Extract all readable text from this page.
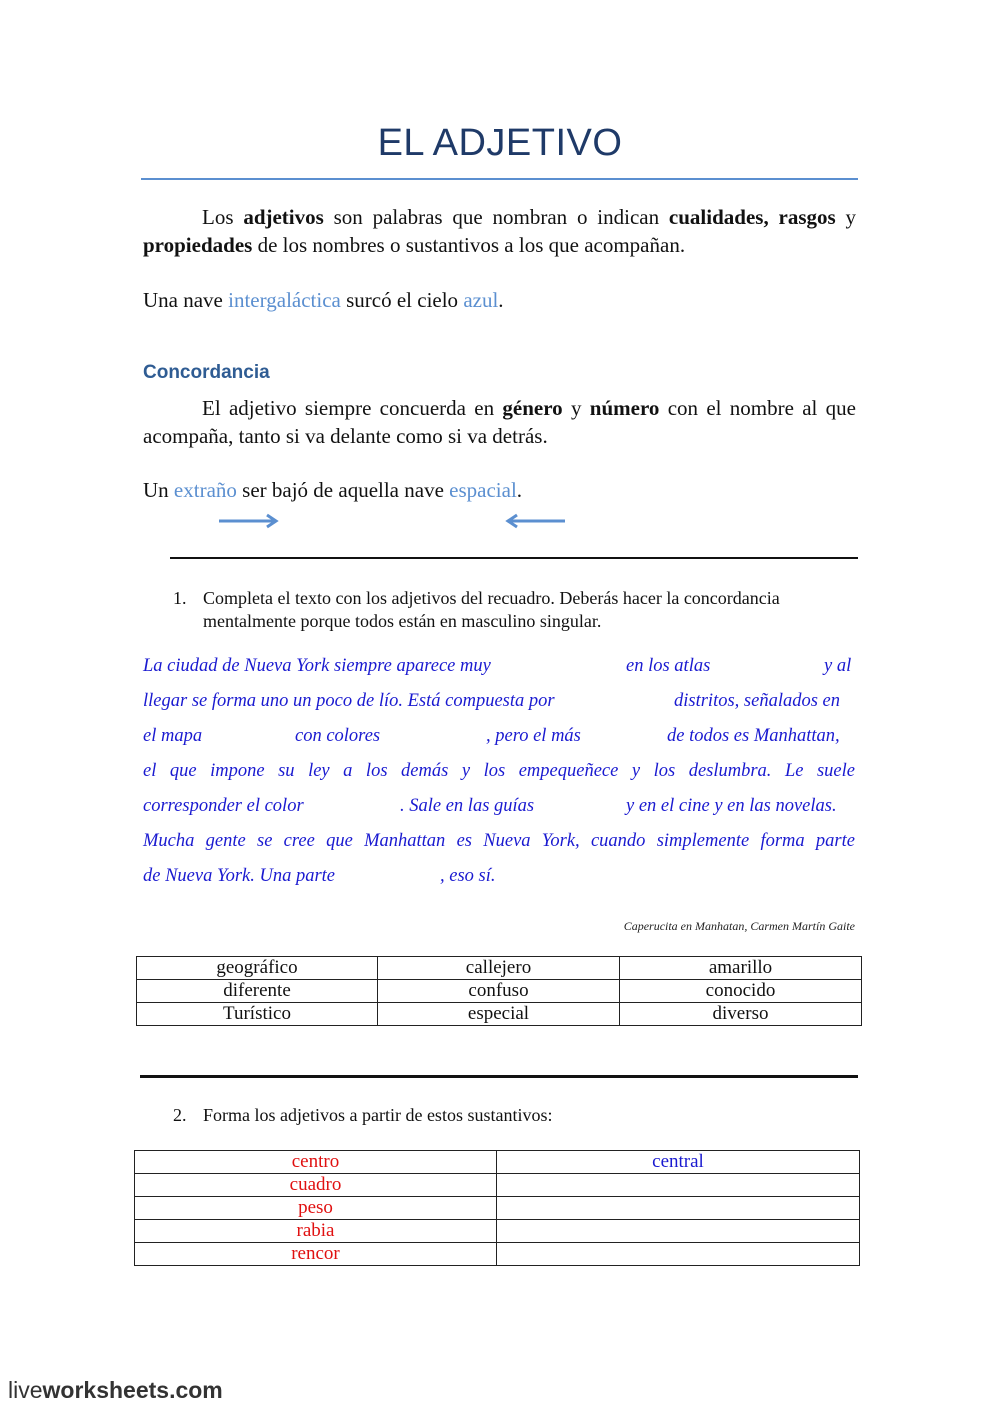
EL ADJETIVO
Los adjetivos son palabras que nombran o indican cualidades, rasgos y propiedades de los nombres o sustantivos a los que acompañan.
Una nave intergaláctica surcó el cielo azul.
Concordancia
El adjetivo siempre concuerda en género y número con el nombre al que acompaña, tanto si va delante como si va detrás.
Un extraño ser bajó de aquella nave espacial.
1. Completa el texto con los adjetivos del recuadro. Deberás hacer la concordancia
mentalmente porque todos están en masculino singular.
La ciudad de Nueva York siempre aparece muy	en los atlas	y al
llegar se forma uno un poco de lío. Está compuesta por	distritos, señalados en
el mapa	con colores	, pero el más	de todos es Manhattan,
el que impone su ley a los demás y los empequeñece y los deslumbra. Le suele
corresponder el color	. Sale en las guías	y en el cine y en las novelas.
Mucha gente se cree que Manhattan es Nueva York, cuando simplemente forma parte
de Nueva York. Una parte	, eso sí.
Caperucita en Manhatan, Carmen Martín Gaite
geográfico	callejero	amarillo
diferente	confuso	conocido
Turístico	especial	diverso
2. Forma los adjetivos a partir de estos sustantivos:
centro	central
cuadro	
peso	
rabia	
rencor	
liveworksheets.com
